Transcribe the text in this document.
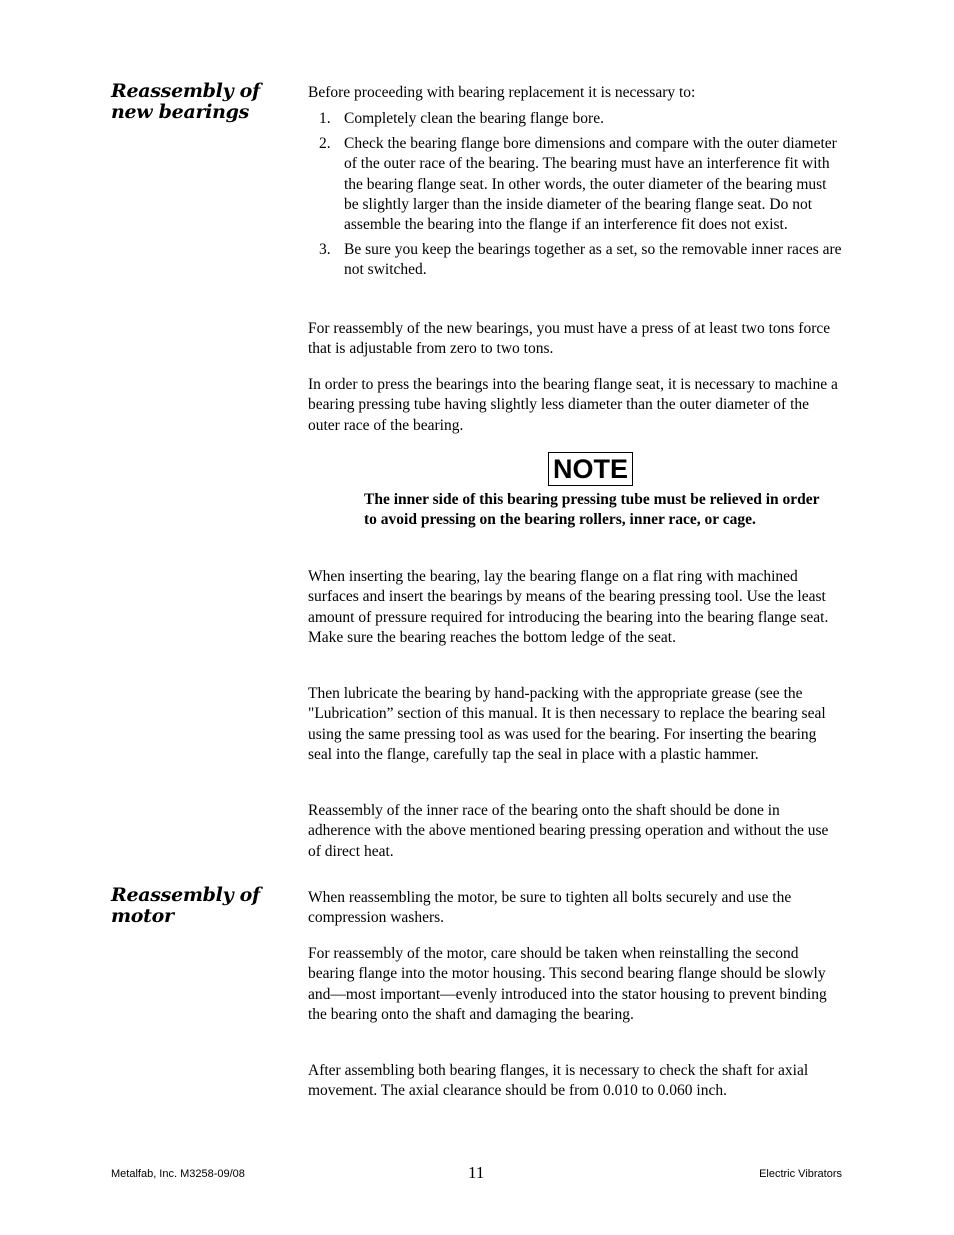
Reassembly of new bearings

Before proceeding with bearing replacement it is necessary to:

1. Completely clean the bearing flange bore.
2. Check the bearing flange bore dimensions and compare with the outer diameter of the outer race of the bearing. The bearing must have an interference fit with the bearing flange seat. In other words, the outer diameter of the bearing must be slightly larger than the inside diameter of the bearing flange seat. Do not assemble the bearing into the flange if an interference fit does not exist.
3. Be sure you keep the bearings together as a set, so the removable inner races are not switched.

For reassembly of the new bearings, you must have a press of at least two tons force that is adjustable from zero to two tons.

In order to press the bearings into the bearing flange seat, it is necessary to machine a bearing pressing tube having slightly less diameter than the outer diameter of the outer race of the bearing.

NOTE

The inner side of this bearing pressing tube must be relieved in order to avoid pressing on the bearing rollers, inner race, or cage.

When inserting the bearing, lay the bearing flange on a flat ring with machined surfaces and insert the bearings by means of the bearing pressing tool. Use the least amount of pressure required for introducing the bearing into the bearing flange seat. Make sure the bearing reaches the bottom ledge of the seat.

Then lubricate the bearing by hand-packing with the appropriate grease (see the "Lubrication” section of this manual. It is then necessary to replace the bearing seal using the same pressing tool as was used for the bearing. For inserting the bearing seal into the flange, carefully tap the seal in place with a plastic hammer.

Reassembly of the inner race of the bearing onto the shaft should be done in adherence with the above mentioned bearing pressing operation and without the use of direct heat.

Reassembly of motor

When reassembling the motor, be sure to tighten all bolts securely and use the compression washers.

For reassembly of the motor, care should be taken when reinstalling the second bearing flange into the motor housing. This second bearing flange should be slowly and—most important—evenly introduced into the stator housing to prevent binding the bearing onto the shaft and damaging the bearing.

After assembling both bearing flanges, it is necessary to check the shaft for axial movement. The axial clearance should be from 0.010 to 0.060 inch.

Metalfab, Inc. M3258-09/08	11	Electric Vibrators
